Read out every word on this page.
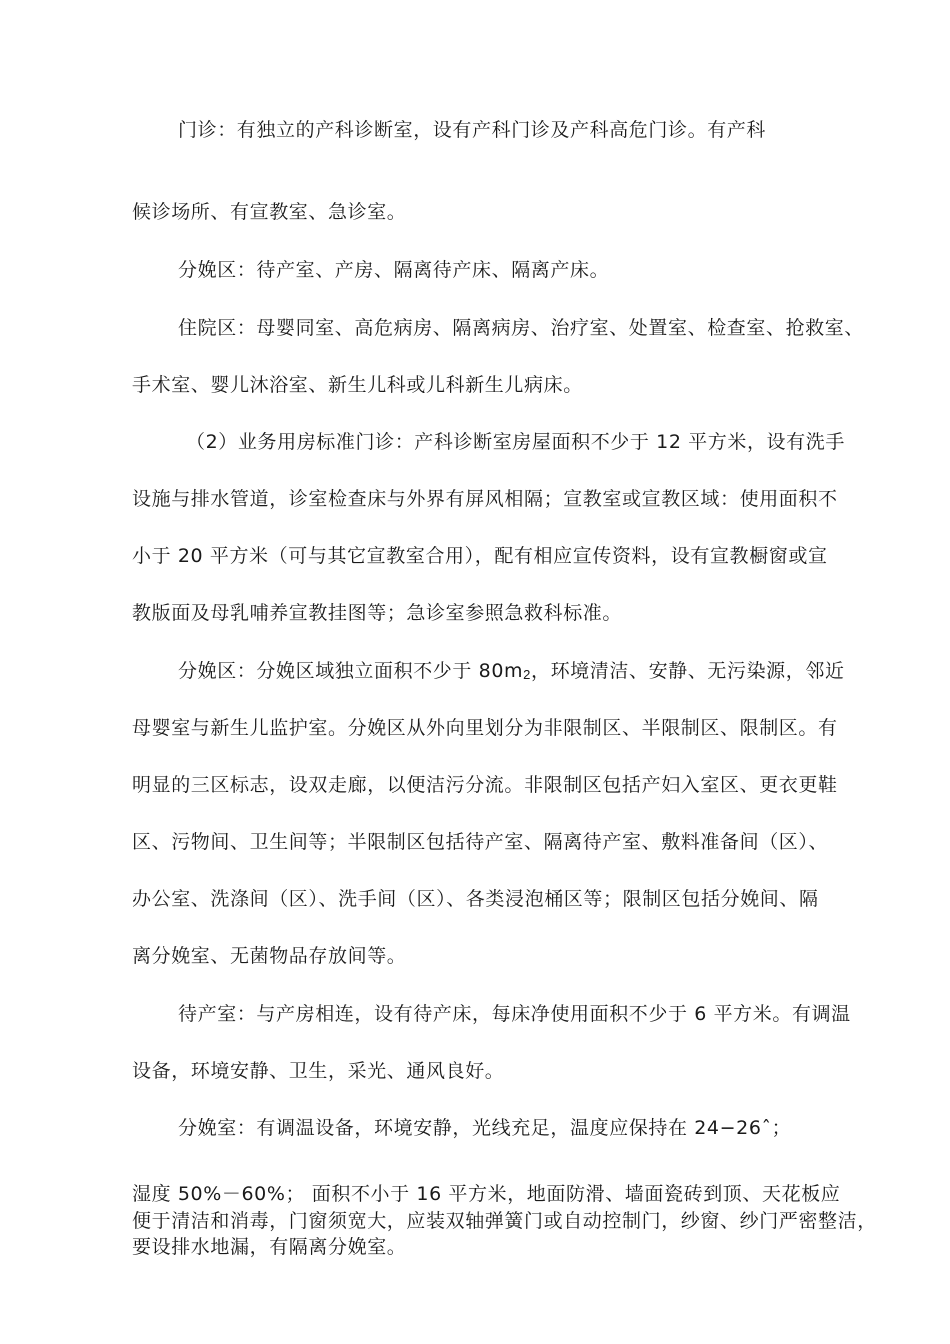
门诊：有独立的产科诊断室，设有产科门诊及产科高危门诊。有产科
候诊场所、有宣教室、急诊室。
分娩区：待产室、产房、隔离待产床、隔离产床。
住院区：母婴同室、高危病房、隔离病房、治疗室、处置室、检查室、抢救室、
手术室、婴儿沐浴室、新生儿科或儿科新生儿病床。
（2）业务用房标准门诊：产科诊断室房屋面积不少于 12 平方米，设有洗手
设施与排水管道，诊室检查床与外界有屏风相隔；宣教室或宣教区域：使用面积不
小于 20 平方米（可与其它宣教室合用），配有相应宣传资料，设有宣教橱窗或宣
教版面及母乳哺养宣教挂图等；急诊室参照急救科标准。
分娩区：分娩区域独立面积不少于 80m2，环境清洁、安静、无污染源，邻近
母婴室与新生儿监护室。分娩区从外向里划分为非限制区、半限制区、限制区。有
明显的三区标志，设双走廊，以便洁污分流。非限制区包括产妇入室区、更衣更鞋
区、污物间、卫生间等；半限制区包括待产室、隔离待产室、敷料准备间（区）、
办公室、洗涤间（区）、洗手间（区）、各类浸泡桶区等；限制区包括分娩间、隔
离分娩室、无菌物品存放间等。
待产室：与产房相连，设有待产床，每床净使用面积不少于 6 平方米。有调温
设备，环境安静、卫生，采光、通风良好。
分娩室：有调温设备，环境安静，光线充足，温度应保持在 24−26ˆ；
湿度 50%－60%； 面积不小于 16 平方米，地面防滑、墙面瓷砖到顶、天花板应
便于清洁和消毒，门窗须宽大，应装双轴弹簧门或自动控制门，纱窗、纱门严密整洁，
要设排水地漏，有隔离分娩室。
